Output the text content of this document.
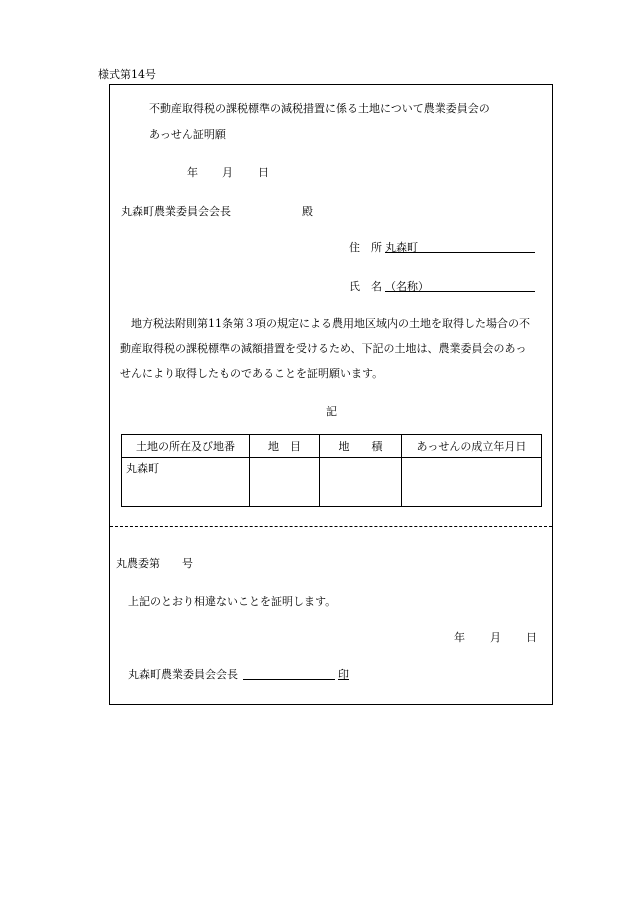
様式第14号
不動産取得税の課税標準の減税措置に係る土地について農業委員会の
あっせん証明願
年 月 日
丸森町農業委員会会長	殿
住　所 丸森町
氏　名 （名称）
地方税法附則第11条第３項の規定による農用地区域内の土地を取得した場合の不
動産取得税の課税標準の減額措置を受けるため、下記の土地は、農業委員会のあっ
せんにより取得したものであることを証明願います。
記
土地の所在及び地番	地　目	地　　積	あっせんの成立年月日
丸森町			
丸農委第　　号
上記のとおり相違ないことを証明します。
年 月 日
丸森町農業委員会会長	印
